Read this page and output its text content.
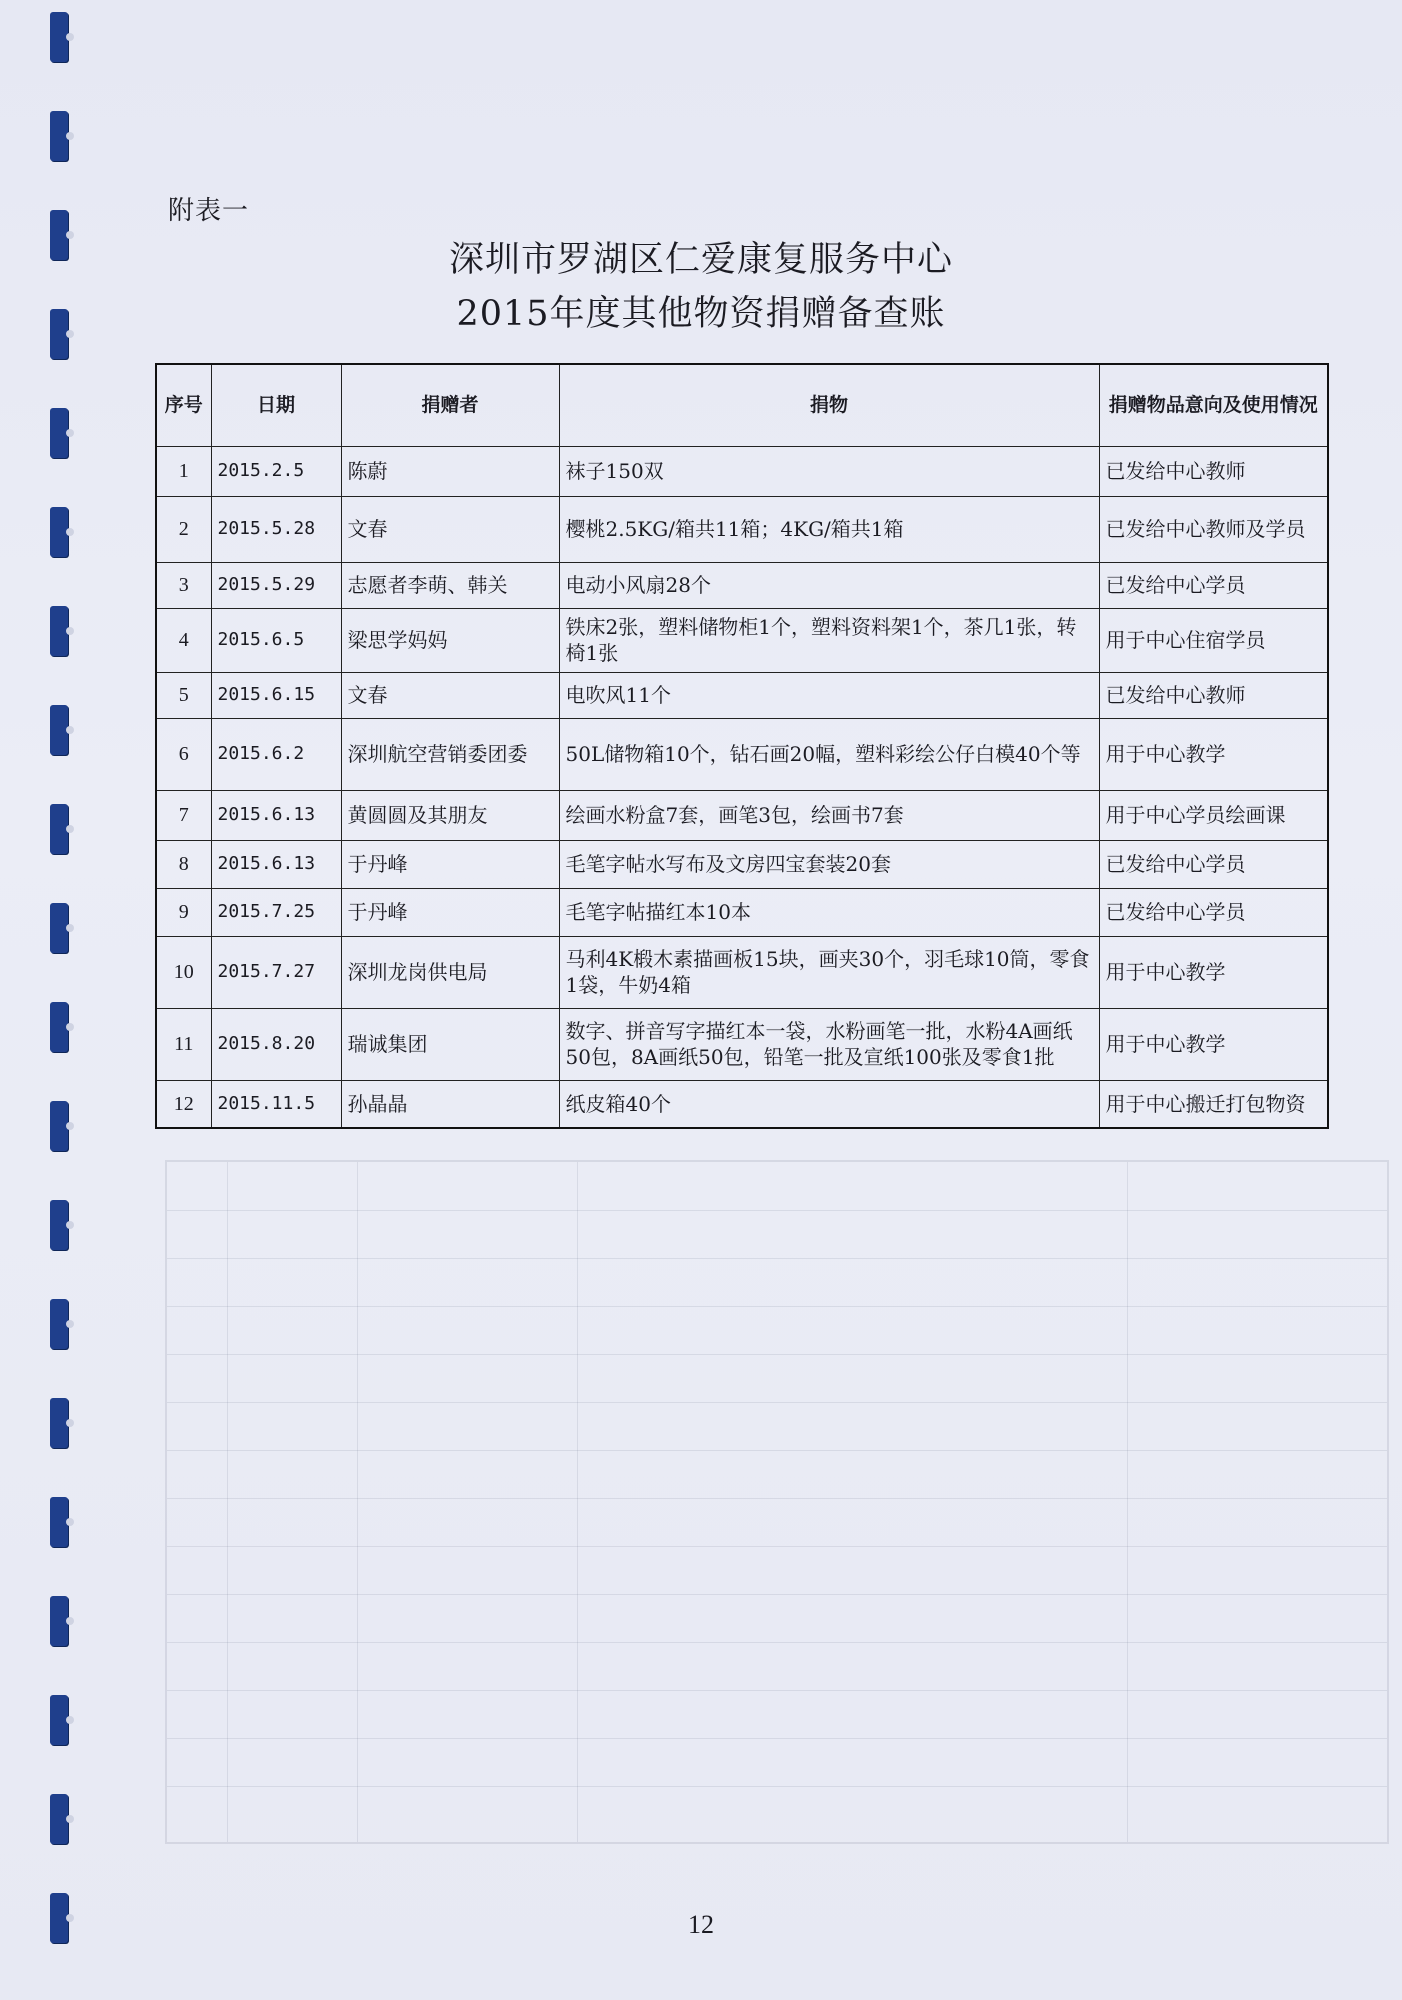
附表一
深圳市罗湖区仁爱康复服务中心
2015年度其他物资捐赠备查账
序号	日期	捐赠者	捐物	捐赠物品意向及使用情况
1	2015.2.5	陈蔚	袜子150双	已发给中心教师
2	2015.5.28	文春	樱桃2.5KG/箱共11箱；4KG/箱共1箱	已发给中心教师及学员
3	2015.5.29	志愿者李萌、韩关	电动小风扇28个	已发给中心学员
4	2015.6.5	梁思学妈妈	铁床2张，塑料储物柜1个，塑料资料架1个，茶几1张，转椅1张	用于中心住宿学员
5	2015.6.15	文春	电吹风11个	已发给中心教师
6	2015.6.2	深圳航空营销委团委	50L储物箱10个，钻石画20幅，塑料彩绘公仔白模40个等	用于中心教学
7	2015.6.13	黄圆圆及其朋友	绘画水粉盒7套，画笔3包，绘画书7套	用于中心学员绘画课
8	2015.6.13	于丹峰	毛笔字帖水写布及文房四宝套装20套	已发给中心学员
9	2015.7.25	于丹峰	毛笔字帖描红本10本	已发给中心学员
10	2015.7.27	深圳龙岗供电局	马利4K椴木素描画板15块，画夹30个，羽毛球10筒，零食1袋，牛奶4箱	用于中心教学
11	2015.8.20	瑞诚集团	数字、拼音写字描红本一袋，水粉画笔一批，水粉4A画纸50包，8A画纸50包，铅笔一批及宣纸100张及零食1批	用于中心教学
12	2015.11.5	孙晶晶	纸皮箱40个	用于中心搬迁打包物资
12
